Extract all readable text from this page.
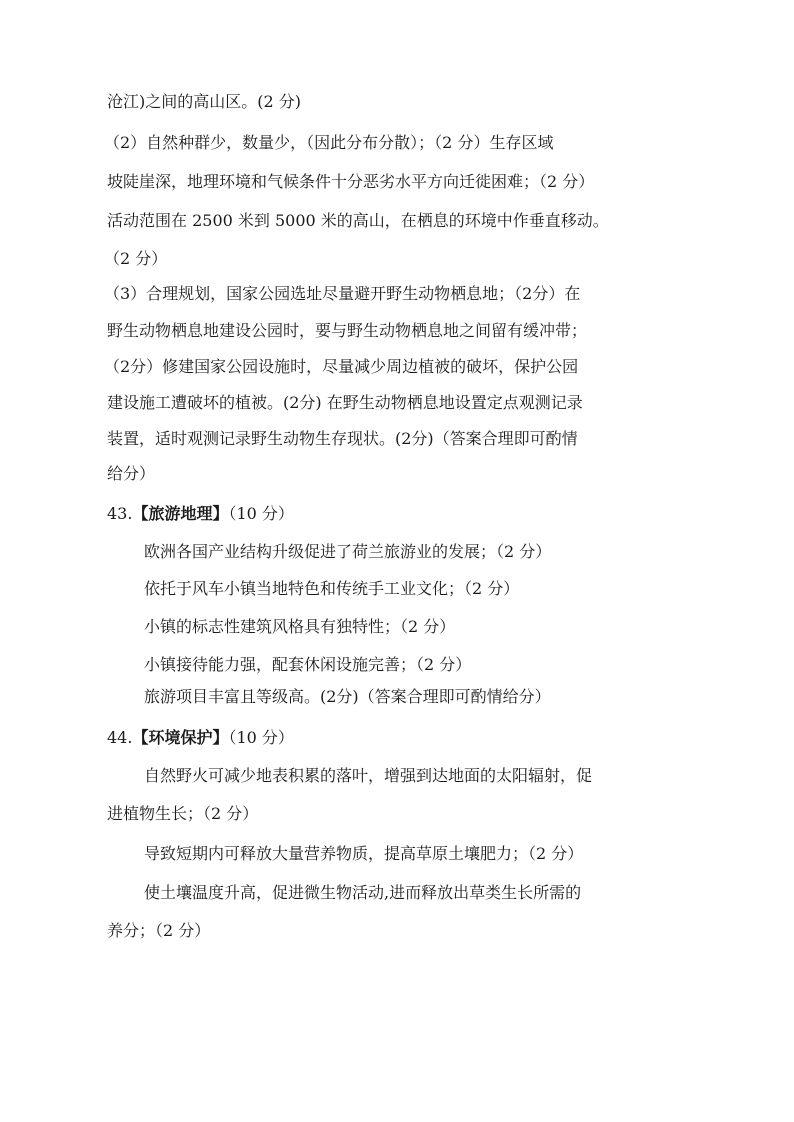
沧江)之间的高山区。(2 分)
（2）自然种群少，数量少，（因此分布分散）；（2 分）生存区域
坡陡崖深，地理环境和气候条件十分恶劣水平方向迁徙困难；（2 分）
活动范围在 2500 米到 5000 米的高山，在栖息的环境中作垂直移动。
（2 分）
（3）合理规划，国家公园选址尽量避开野生动物栖息地；（2分）在
野生动物栖息地建设公园时，要与野生动物栖息地之间留有缓冲带；
（2分）修建国家公园设施时，尽量减少周边植被的破坏，保护公园
建设施工遭破坏的植被。(2分) 在野生动物栖息地设置定点观测记录
装置，适时观测记录野生动物生存现状。(2分)（答案合理即可酌情
给分）
43.【旅游地理】（10 分）
欧洲各国产业结构升级促进了荷兰旅游业的发展；（2 分）
依托于风车小镇当地特色和传统手工业文化；（2 分）
小镇的标志性建筑风格具有独特性；（2 分）
小镇接待能力强，配套休闲设施完善；（2 分）
旅游项目丰富且等级高。(2分)（答案合理即可酌情给分）
44.【环境保护】（10 分）
自然野火可减少地表积累的落叶，增强到达地面的太阳辐射，促
进植物生长；（2 分）
导致短期内可释放大量营养物质，提高草原土壤肥力；（2 分）
使土壤温度升高，促进微生物活动,进而释放出草类生长所需的
养分；（2 分）
